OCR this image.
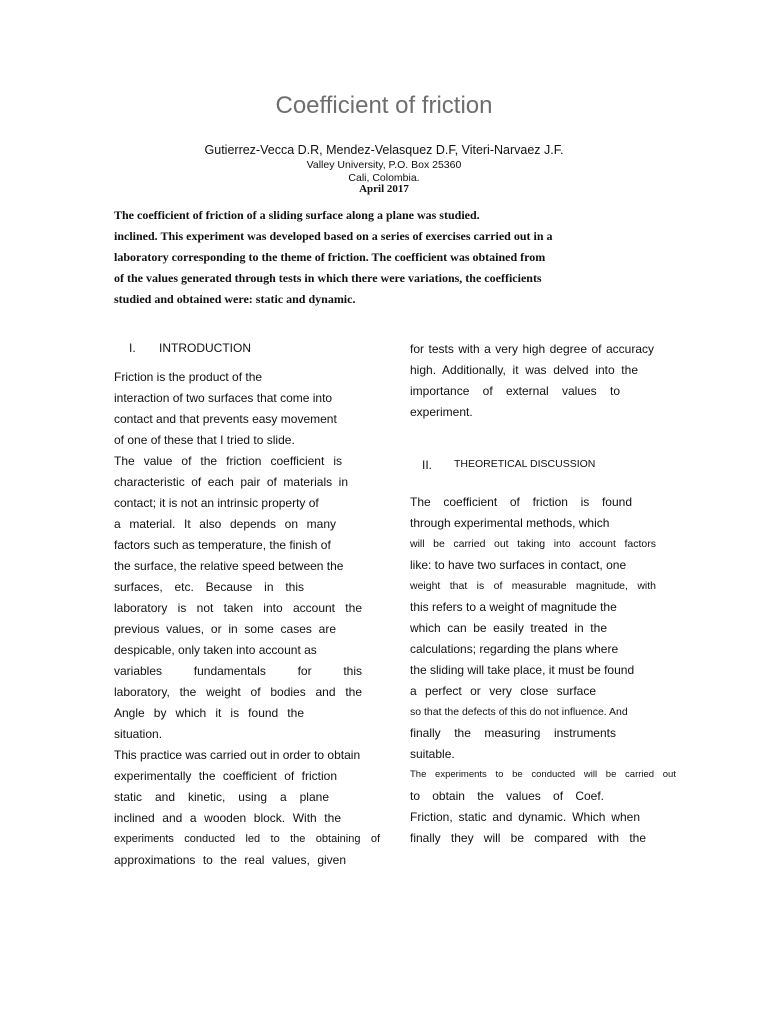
Coefficient of friction
Gutierrez-Vecca D.R, Mendez-Velasquez D.F, Viteri-Narvaez J.F.
Valley University, P.O. Box 25360
Cali, Colombia.
April 2017
The coefficient of friction of a sliding surface along a plane was studied.
inclined. This experiment was developed based on a series of exercises carried out in a
laboratory corresponding to the theme of friction. The coefficient was obtained from
of the values generated through tests in which there were variations, the coefficients
studied and obtained were: static and dynamic.
I. INTRODUCTION
Friction is the product of the
interaction of two surfaces that come into
contact and that prevents easy movement
of one of these that I tried to slide.
The value of the friction coefficient is
characteristic of each pair of materials in
contact; it is not an intrinsic property of
a material. It also depends on many
factors such as temperature, the finish of
the surface, the relative speed between the
surfaces, etc. Because in this
laboratory is not taken into account the
previous values, or in some cases are
despicable, only taken into account as
variables fundamentals for this
laboratory, the weight of bodies and the
Angle by which it is found the
situation.
This practice was carried out in order to obtain
experimentally the coefficient of friction
static and kinetic, using a plane
inclined and a wooden block. With the
experiments conducted led to the obtaining of
approximations to the real values, given
for tests with a very high degree of accuracy
high. Additionally, it was delved into the
importance of external values to
experiment.
II. THEORETICAL DISCUSSION
The coefficient of friction is found
through experimental methods, which
will be carried out taking into account factors
like: to have two surfaces in contact, one
weight that is of measurable magnitude, with
this refers to a weight of magnitude the
which can be easily treated in the
calculations; regarding the plans where
the sliding will take place, it must be found
a perfect or very close surface
so that the defects of this do not influence. And
finally the measuring instruments
suitable.
The experiments to be conducted will be carried out
to obtain the values of Coef.
Friction, static and dynamic. Which when
finally they will be compared with the
